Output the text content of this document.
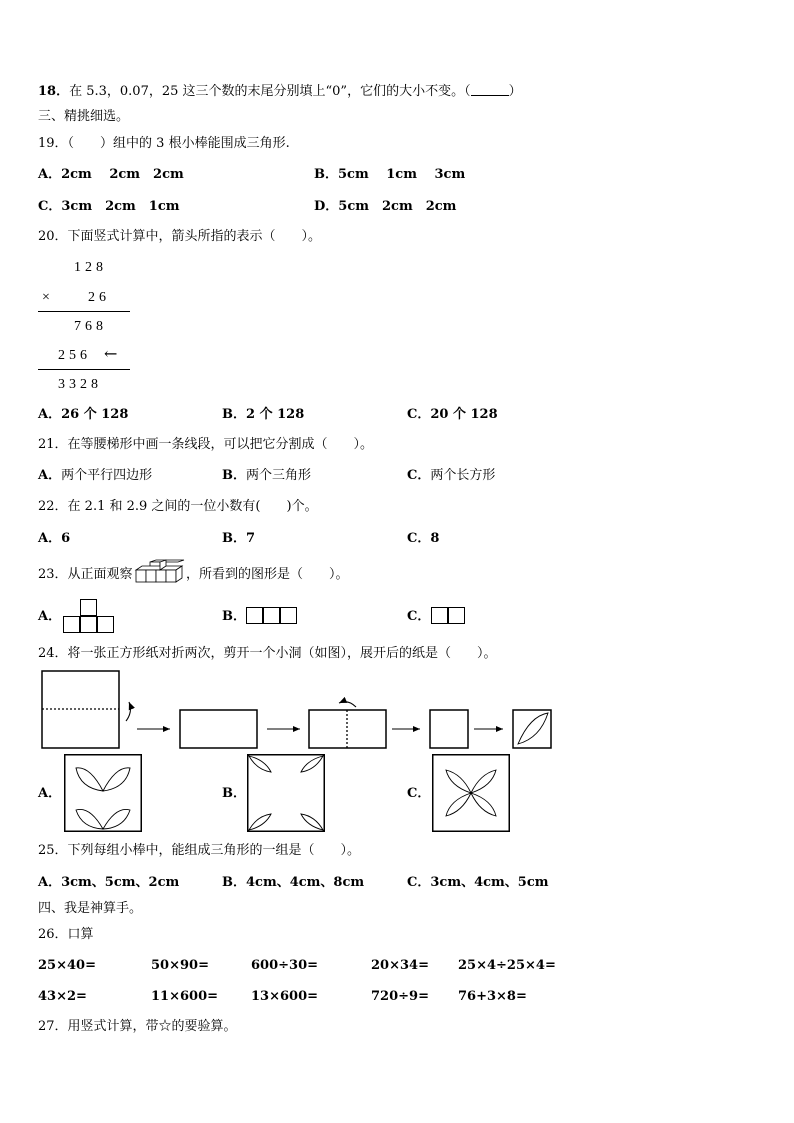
18．在 5.3，0.07，25 这三个数的末尾分别填上“0”，它们的大小不变。（	）
三、精挑细选。
19．（　　）组中的 3 根小棒能围成三角形.
A．2cm　 2cm　2cm	B．5cm　 1cm　 3cm
C．3cm　2cm　1cm	D．5cm　2cm　2cm
20．下面竖式计算中，箭头所指的表示（　　）。
128
× 26
768
256 ←
3328
A．26 个 128	B．2 个 128	C．20 个 128
21．在等腰梯形中画一条线段，可以把它分割成（　　）。
A．两个平行四边形	B．两个三角形	C．两个长方形
22．在 2.1 和 2.9 之间的一位小数有(　　)个。
A．6	B．7	C．8
23．从正面观察	，所看到的图形是（　　）。
A．	B．	C．
24．将一张正方形纸对折两次，剪开一个小洞（如图），展开后的纸是（　　）。
A．	B．	C．
25．下列每组小棒中，能组成三角形的一组是（　　）。
A．3cm、5cm、2cm	B．4cm、4cm、8cm	C．3cm、4cm、5cm
四、我是神算手。
26．口算
25×40=	50×90=	600÷30=	20×34= 25×4÷25×4=
43×2=	11×600=	13×600=	720÷9= 76+3×8=
27．用竖式计算，带☆的要验算。
